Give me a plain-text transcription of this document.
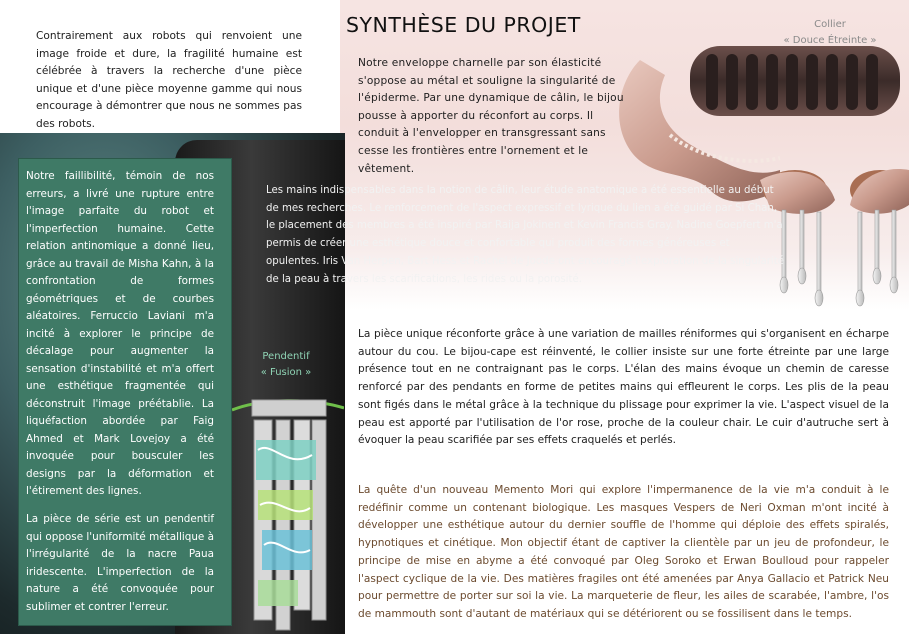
Contrairement aux robots qui renvoient une image froide et dure, la fragilité humaine est célébrée à travers la recherche d'une pièce unique et d'une pièce moyenne gamme qui nous encourage à démontrer que nous ne sommes pas des robots.
SYNTHÈSE DU PROJET	Collier
« Douce Étreinte »
Notre enveloppe charnelle par son élasticité s'oppose au métal et souligne la singularité de l'épiderme. Par une dynamique de câlin, le bijou pousse à apporter du réconfort au corps. Il conduit à l'envelopper en transgressant sans cesse les frontières entre l'ornement et le vêtement.
Les mains indispensables dans la notion de câlin, leur étude anatomique a été essentielle au début de mes recherches. Le renforcement de l'aspect expressif et lyrique du lien a été guidé par Si Chan, le placement des membres a été inspiré par Raija Jokinen et Kevin Francis Gray. Nadine Goepfert m'a permis de créer une esthétique douce et confortable qui produit des formes généreuses et opulentes. Iris Van Herpen, Bart Hess et Rachel de Joode ont encouragé l'exploration de la singularité de la peau à travers les scarifications, les rides ou la porosité.
La pièce unique réconforte grâce à une variation de mailles réniformes qui s'organisent en écharpe autour du cou. Le bijou-cape est réinventé, le collier insiste sur une forte étreinte par une large présence tout en ne contraignant pas le corps. L'élan des mains évoque un chemin de caresse renforcé par des pendants en forme de petites mains qui effleurent le corps. Les plis de la peau sont figés dans le métal grâce à la technique du plissage pour exprimer la vie. L'aspect visuel de la peau est apporté par l'utilisation de l'or rose, proche de la couleur chair. Le cuir d'autruche sert à évoquer la peau scarifiée par ses effets craquelés et perlés.
La quête d'un nouveau Memento Mori qui explore l'impermanence de la vie m'a conduit à le redéfinir comme un contenant biologique. Les masques Vespers de Neri Oxman m'ont incité à développer une esthétique autour du dernier souffle de l'homme qui déploie des effets spiralés, hypnotiques et cinétique. Mon objectif étant de captiver la clientèle par un jeu de profondeur, le principe de mise en abyme a été convoqué par Oleg Soroko et Erwan Boulloud pour rappeler l'aspect cyclique de la vie. Des matières fragiles ont été amenées par Anya Gallacio et Patrick Neu pour permettre de porter sur soi la vie. La marqueterie de fleur, les ailes de scarabée, l'ambre, l'os de mammouth sont d'autant de matériaux qui se détériorent ou se fossilisent dans le temps.
Notre faillibilité, témoin de nos erreurs, a livré une rupture entre l'image parfaite du robot et l'imperfection humaine. Cette relation antinomique a donné lieu, grâce au travail de Misha Kahn, à la confrontation de formes géométriques et de courbes aléatoires. Ferruccio Laviani m'a incité à explorer le principe de décalage pour augmenter la sensation d'instabilité et m'a offert une esthétique fragmentée qui déconstruit l'image préétablie. La liquéfaction abordée par Faig Ahmed et Mark Lovejoy a été invoquée pour bousculer les designs par la déformation et l'étirement des lignes.
La pièce de série est un pendentif qui oppose l'uniformité métallique à l'irrégularité de la nacre Paua iridescente. L'imperfection de la nature a été convoquée pour sublimer et contrer l'erreur.
Pendentif
« Fusion »
